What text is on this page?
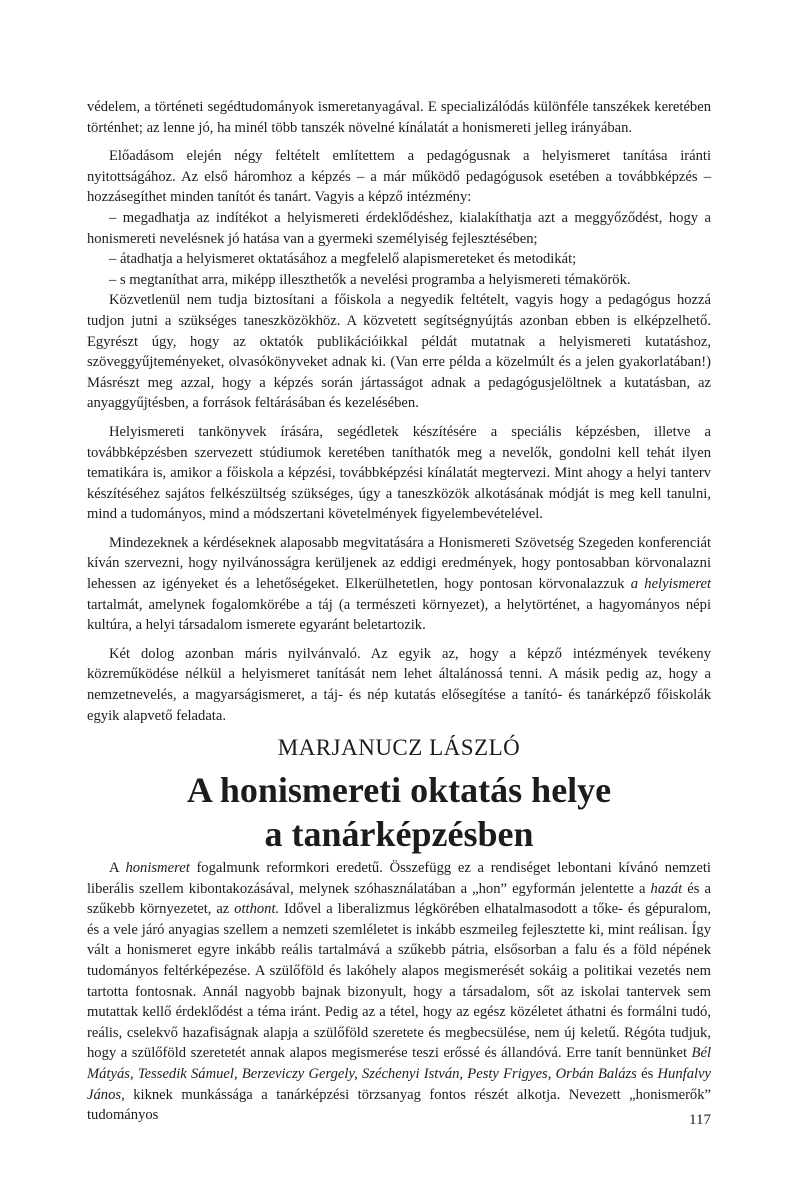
védelem, a történeti segédtudományok ismeretanyagával. E specializálódás különféle tanszékek keretében történhet; az lenne jó, ha minél több tanszék növelné kínálatát a honismereti jelleg irányában.

Előadásom elején négy feltételt említettem a pedagógusnak a helyismeret tanítása iránti nyitottságához. Az első háromhoz a képzés – a már működő pedagógusok esetében a továbbképzés – hozzásegíthet minden tanítót és tanárt. Vagyis a képző intézmény:

– megadhatja az indítékot a helyismereti érdeklődéshez, kialakíthatja azt a meggyőződést, hogy a honismereti nevelésnek jó hatása van a gyermeki személyiség fejlesztésében;

– átadhatja a helyismeret oktatásához a megfelelő alapismereteket és metodikát;

– s megtaníthat arra, miképp illeszthetők a nevelési programba a helyismereti témakörök.

Közvetlenül nem tudja biztosítani a főiskola a negyedik feltételt, vagyis hogy a pedagógus hozzá tudjon jutni a szükséges taneszközökhöz. A közvetett segítségnyújtás azonban ebben is elképzelhető. Egyrészt úgy, hogy az oktatók publikációikkal példát mutatnak a helyismereti kutatáshoz, szöveggyűjteményeket, olvasókönyveket adnak ki. (Van erre példa a közelmúlt és a jelen gyakorlatában!) Másrészt meg azzal, hogy a képzés során jártasságot adnak a pedagógusjelöltnek a kutatásban, az anyaggyűjtésben, a források feltárásában és kezelésében.

Helyismereti tankönyvek írására, segédletek készítésére a speciális képzésben, illetve a továbbképzésben szervezett stúdiumok keretében taníthatók meg a nevelők, gondolni kell tehát ilyen tematikára is, amikor a főiskola a képzési, továbbképzési kínálatát megtervezi. Mint ahogy a helyi tanterv készítéséhez sajátos felkészültség szükséges, úgy a taneszközök alkotásának módját is meg kell tanulni, mind a tudományos, mind a módszertani követelmények figyelembevételével.

Mindezeknek a kérdéseknek alaposabb megvitatására a Honismereti Szövetség Szegeden konferenciát kíván szervezni, hogy nyilvánosságra kerüljenek az eddigi eredmények, hogy pontosabban körvonalazni lehessen az igényeket és a lehetőségeket. Elkerülhetetlen, hogy pontosan körvonalazzuk a helyismeret tartalmát, amelynek fogalomkörébe a táj (a természeti környezet), a helytörténet, a hagyományos népi kultúra, a helyi társadalom ismerete egyaránt beletartozik.

Két dolog azonban máris nyilvánvaló. Az egyik az, hogy a képző intézmények tevékeny közreműködése nélkül a helyismeret tanítását nem lehet általánossá tenni. A másik pedig az, hogy a nemzetnevelés, a magyarságismeret, a táj- és nép kutatás elősegítése a tanító- és tanárképző főiskolák egyik alapvető feladata.

MARJANUCZ LÁSZLÓ
A honismereti oktatás helye
a tanárképzésben

A honismeret fogalmunk reformkori eredetű. Összefügg ez a rendiséget lebontani kívánó nemzeti liberális szellem kibontakozásával, melynek szóhasználatában a „hon” egyformán jelentette a hazát és a szűkebb környezetet, az otthont. Idővel a liberalizmus légkörében elhatalmasodott a tőke- és gépuralom, és a vele járó anyagias szellem a nemzeti szemléletet is inkább eszmeileg fejlesztette ki, mint reálisan. Így vált a honismeret egyre inkább reális tartalmává a szűkebb pátria, elsősorban a falu és a föld népének tudományos feltérképezése. A szülőföld és lakóhely alapos megismerését sokáig a politikai vezetés nem tartotta fontosnak. Annál nagyobb bajnak bizonyult, hogy a társadalom, sőt az iskolai tantervek sem mutattak kellő érdeklődést a téma iránt. Pedig az a tétel, hogy az egész közéletet áthatni és formálni tudó, reális, cselekvő hazafiságnak alapja a szülőföld szeretete és megbecsülése, nem új keletű. Régóta tudjuk, hogy a szülőföld szeretetét annak alapos megismerése teszi erőssé és állandóvá. Erre tanít bennünket Bél Mátyás, Tessedik Sámuel, Berzeviczy Gergely, Széchenyi István, Pesty Frigyes, Orbán Balázs és Hunfalvy János, kiknek munkássága a tanárképzési törzsanyag fontos részét alkotja. Nevezett „honismerők” tudományos	117
